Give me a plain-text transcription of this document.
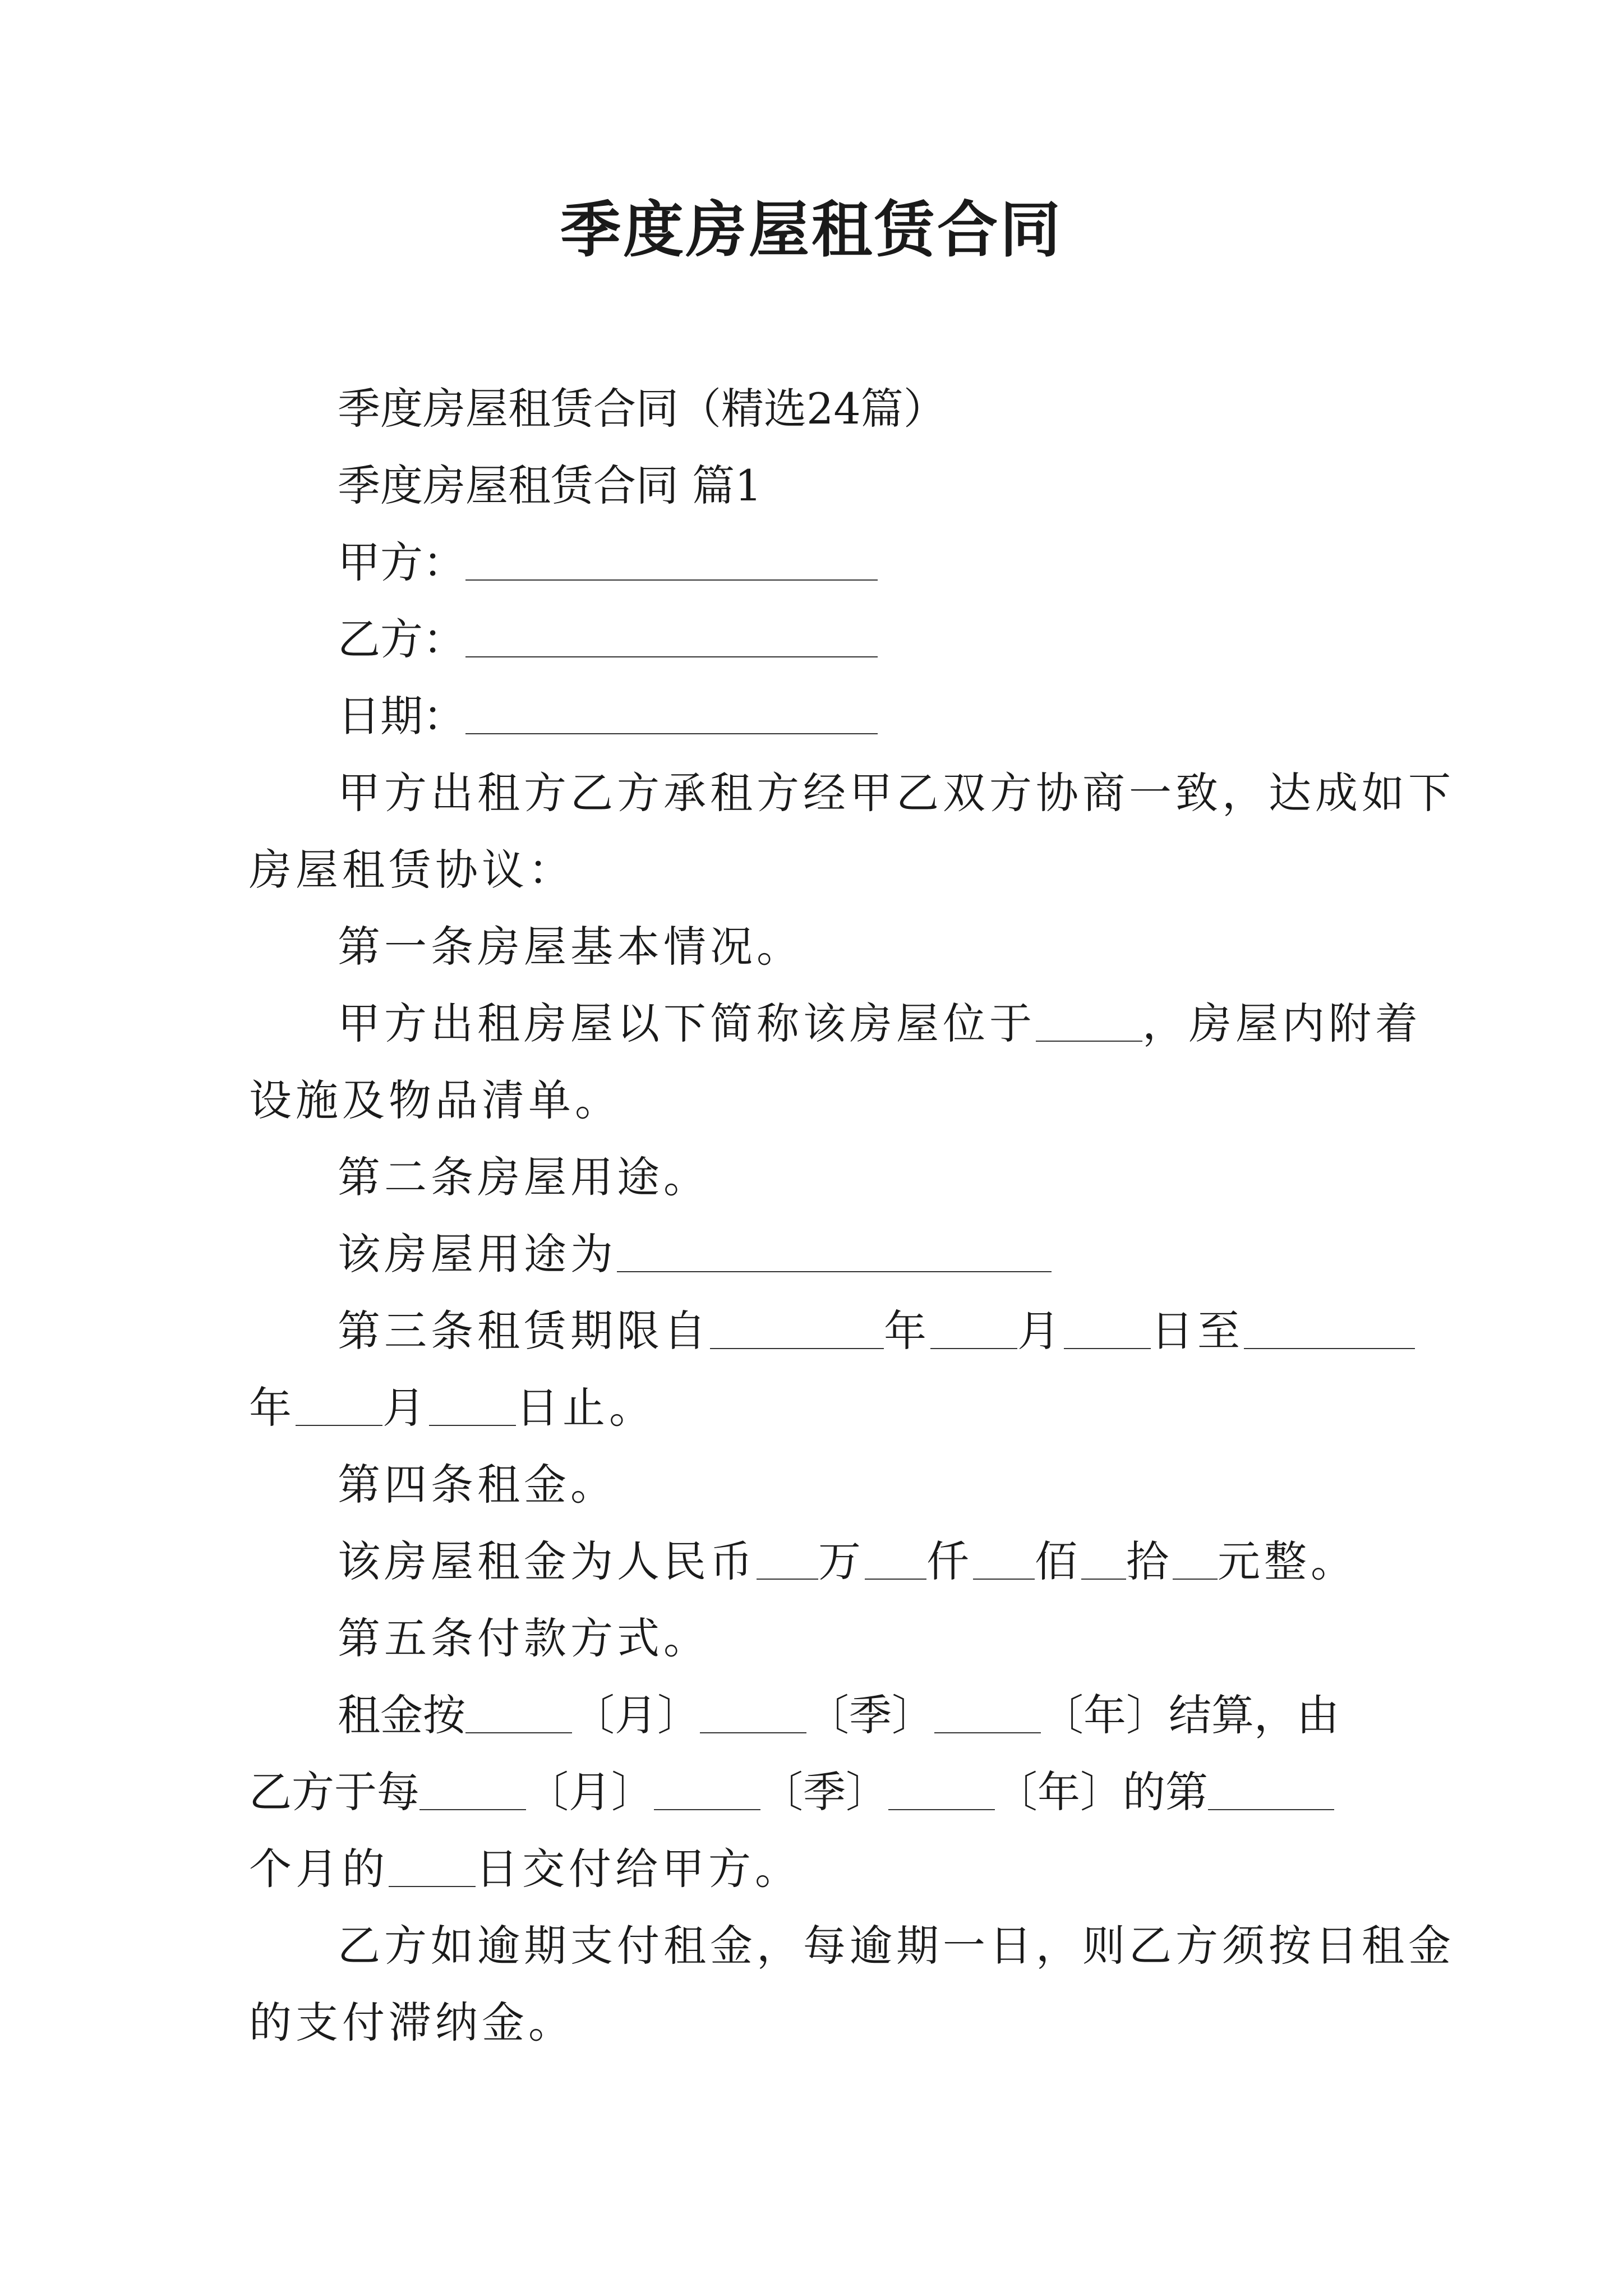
季度房屋租赁合同

季度房屋租赁合同（精选24篇）

季度房屋租赁合同 篇1

甲方：

乙方：

日期：

甲方出租方乙方承租方经甲乙双方协商一致，达成如下

房屋租赁协议：

第一条房屋基本情况。

甲方出租房屋以下简称该房屋位于	，房屋内附着

设施及物品清单。

第二条房屋用途。

该房屋用途为

第三条租赁期限自	年 月 日至

年 月 日止。

第四条租金。

该房屋租金为人民币 万 仟 佰 拾 元整。

第五条付款方式。

租金按	〔月〕	〔季〕	〔年〕结算，由

乙方于每	〔月〕	〔季〕	〔年〕的第

个月的 日交付给甲方。

乙方如逾期支付租金，每逾期一日，则乙方须按日租金

的支付滞纳金。
